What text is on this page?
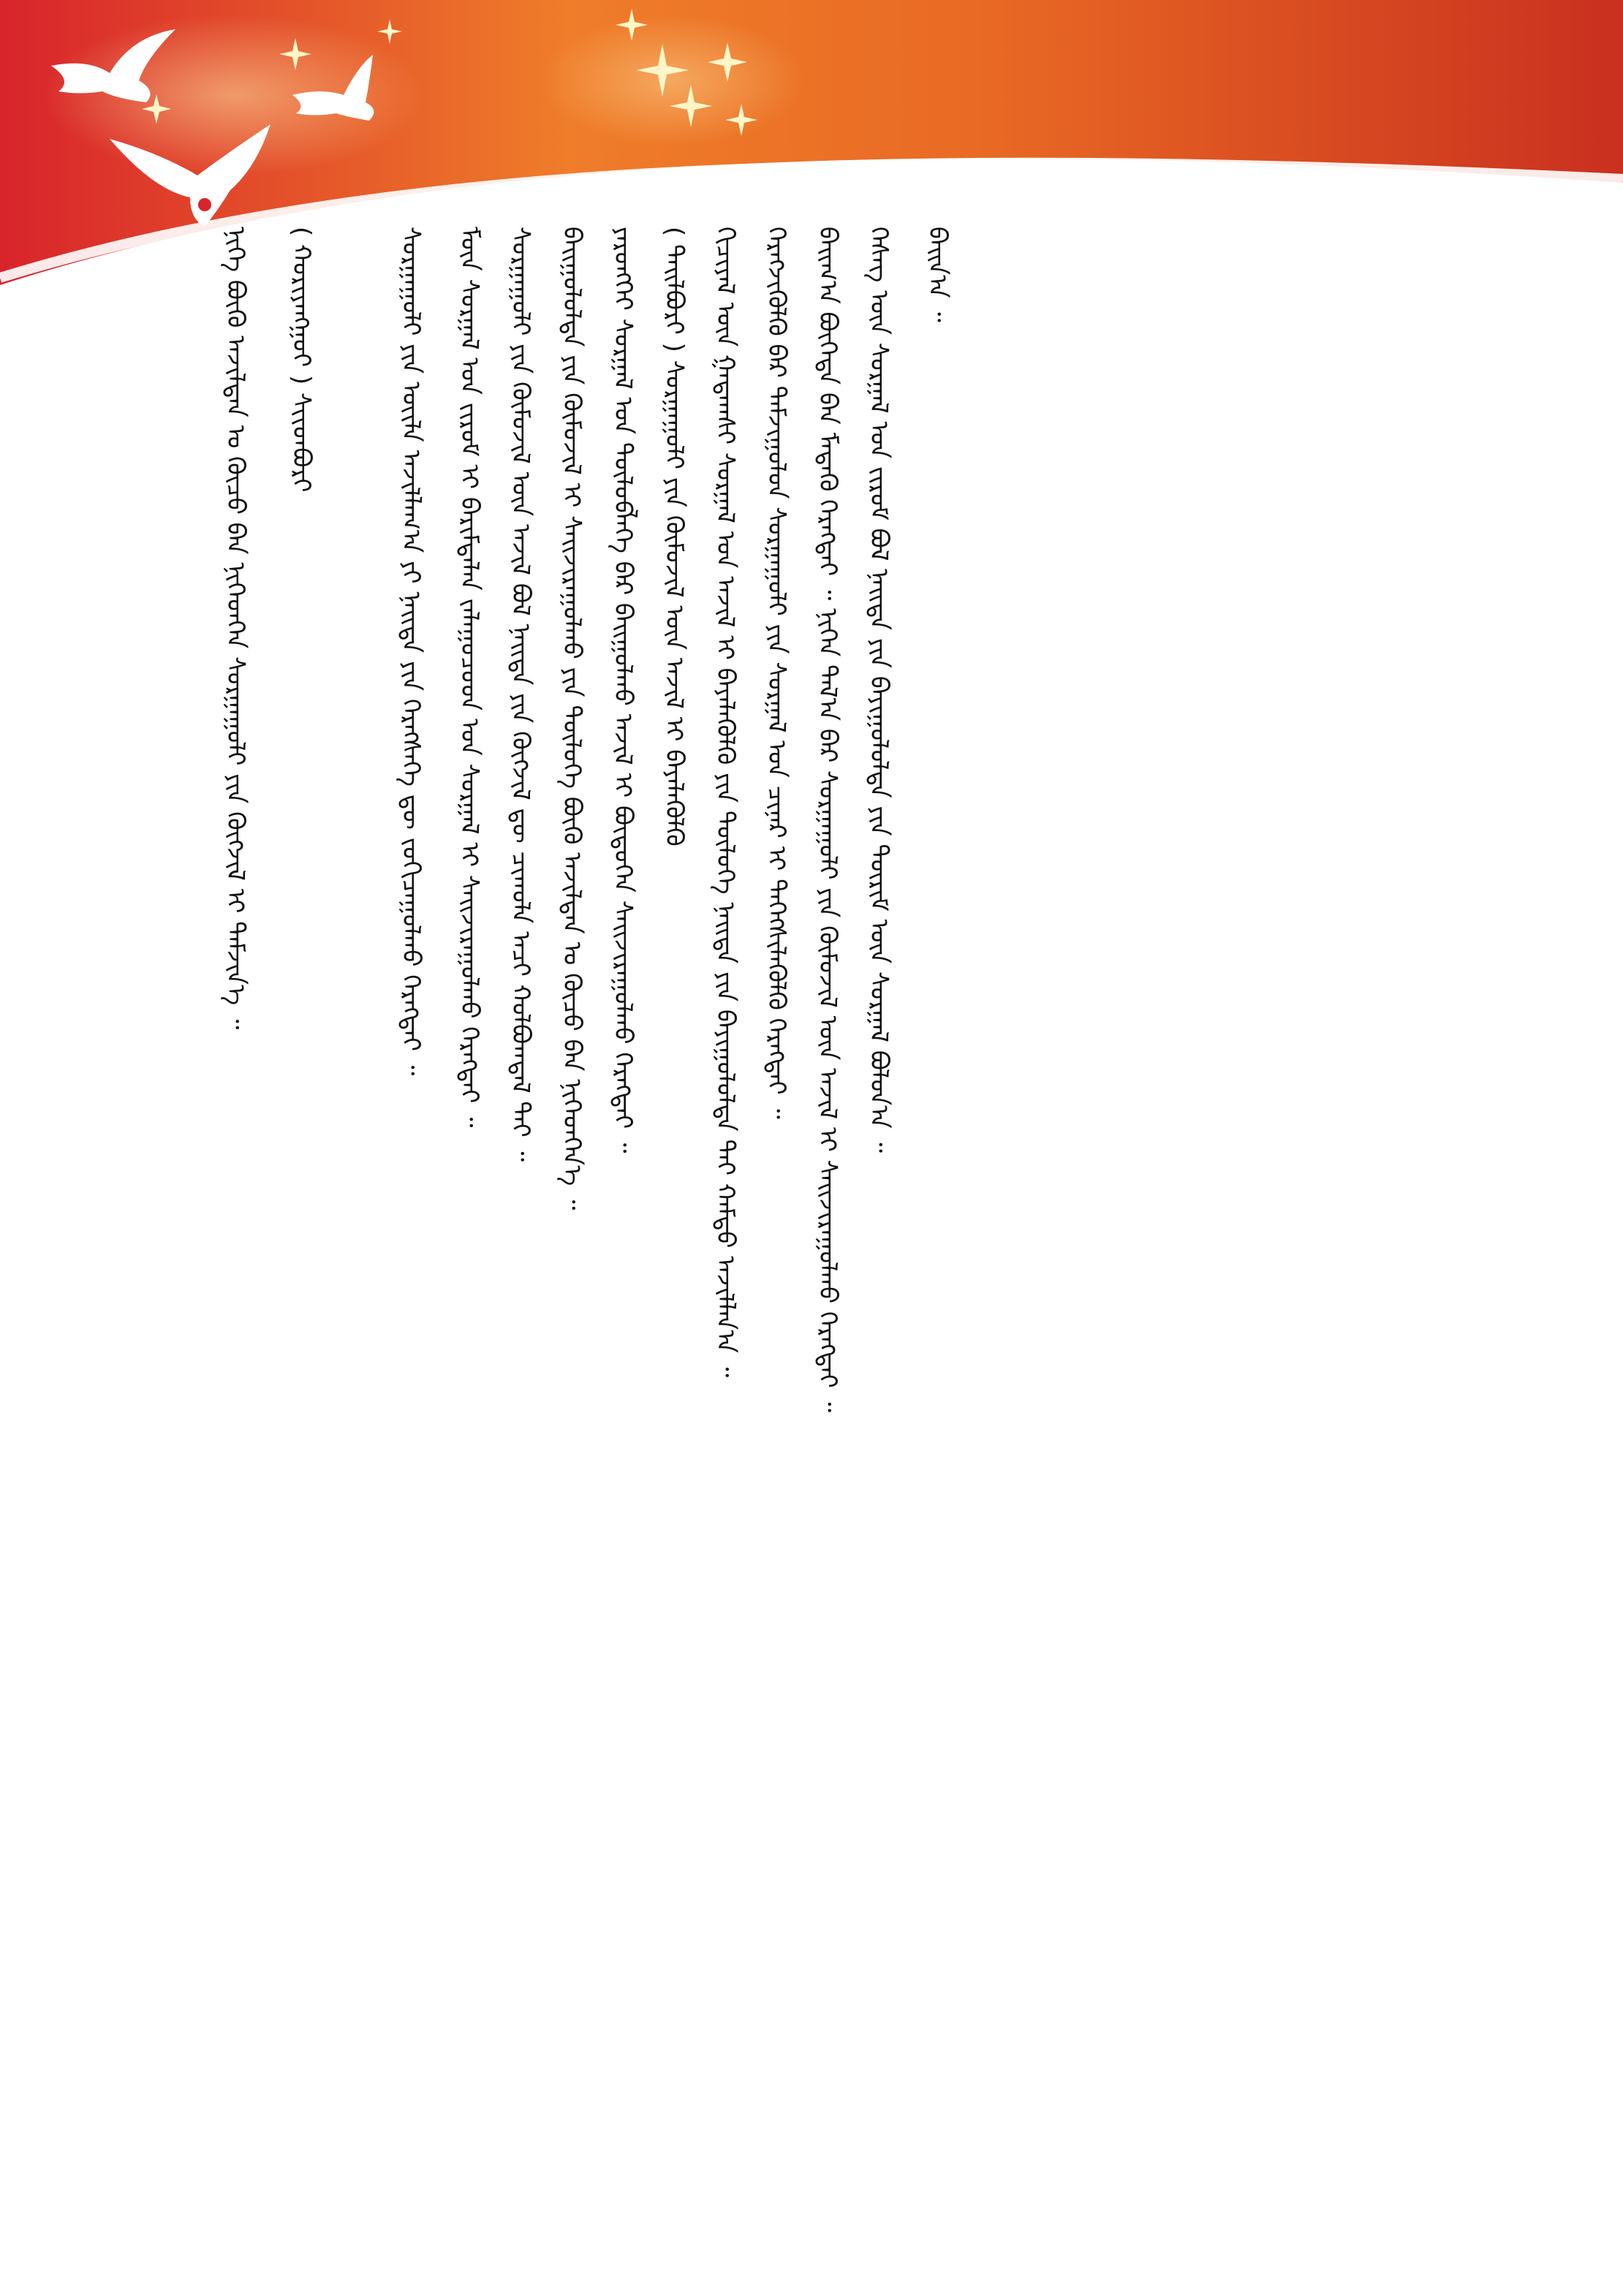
ᠪᠠᠢᠨ᠎ᠠ ᠃
ᠬᠡᠰᠡᠭ ᠦᠨ ᠰᠤᠷᠭᠠᠯ ᠤᠨ ᠵᠢᠷᠤᠮ ᠪᠤᠯ ᠨᠡᠢᠲᠡ ᠶᠢᠨ ᠪᠠᠶᠢᠭᠤᠯᠤᠯᠲᠠ ᠶᠢᠨ ᠳᠦᠷᠢᠮ ᠦᠨ ᠰᠤᠷᠭᠠᠯ ᠪᠣᠯᠤᠨ᠎ᠠ ᠃
ᠪᠠᠢᠭ᠎ᠠ ᠪᠦᠭᠡᠳᠡ ᠪᠡᠨ ᠮᠡᠳᠡᠬᠦ ᠬᠡᠷᠡᠭᠲᠡᠢ ᠃ ᠨᠢᠭᠡᠨ ᠲᠠᠯ᠎ᠠ ᠪᠠᠷ ᠰᠤᠷᠭᠠᠭᠤᠯᠢ ᠶᠢᠨ ᠬᠦᠮᠦᠵᠢᠯ ᠦᠨ ᠠᠵᠢᠯ ᠢ ᠰᠠᠢᠵᠢᠷᠠᠭᠤᠯᠬᠤ ᠬᠡᠷᠡᠭᠲᠡᠢ ᠃
ᠬᠡᠷᠡᠭᠵᠢᠭᠦᠯᠬᠦ ᠪᠠᠷ ᠳᠠᠮᠵᠢᠭᠤᠯᠤᠨ ᠰᠤᠷᠭᠠᠭᠤᠯᠢ ᠶᠢᠨ ᠰᠤᠷᠭᠠᠯ ᠤᠨ ᠴᠢᠨᠠᠷ ᠢ ᠳᠡᠭᠡᠭᠰᠢᠯᠡᠭᠦᠯᠬᠦ ᠬᠡᠷᠡᠭᠲᠡᠢ ᠃
ᠬᠢᠴᠢᠶᠡᠯ ᠦᠨ ᠭᠠᠳᠠᠭᠰᠢ ᠰᠤᠷᠭᠠᠯ ᠤᠨ ᠠᠵᠢᠯ ᠢ ᠪᠡᠶᠡᠯᠡᠭᠦᠯᠬᠦ ᠶᠢᠨ ᠲᠥᠯᠦᠭᠡ ᠨᠡᠢᠲᠡ ᠶᠢᠨ ᠪᠠᠶᠢᠭᠤᠯᠤᠯᠲᠠ ᠲᠠᠢ ᠬᠠᠮᠲᠤ ᠠᠵᠢᠯᠯᠠᠨ᠎ᠠ ᠃
( ᠲᠠᠢᠯᠪᠤᠷᠢ ) ᠰᠤᠷᠭᠠᠭᠤᠯᠢ ᠶᠢᠨ ᠬᠦᠮᠦᠵᠢᠯ ᠦᠨ ᠠᠵᠢᠯ ᠢ ᠪᠡᠶᠡᠯᠡᠭᠦᠯᠬᠦ
ᠶᠡᠷᠦᠩᠬᠡᠢ ᠰᠤᠷᠭᠠᠯ ᠤᠨ ᠲᠥᠯᠦᠪᠯᠡᠭᠡ ᠪᠡᠷ ᠪᠠᠢᠭᠤᠯᠬᠤ ᠠᠵᠢᠯ ᠢ ᠪᠦᠲᠦᠭᠡᠨ ᠰᠠᠢᠵᠢᠷᠠᠭᠤᠯᠬᠤ ᠬᠡᠷᠡᠭᠲᠡᠢ ᠃
ᠪᠠᠢᠭᠤᠯᠤᠯᠲᠠ ᠶᠢᠨ ᠬᠦᠮᠦᠵᠢᠯ ᠢ ᠰᠠᠢᠵᠢᠷᠠᠭᠤᠯᠬᠤ ᠶᠢᠨ ᠲᠥᠯᠦᠭᠡ ᠪᠦᠬᠦ ᠠᠵᠢᠯᠲᠠᠨ ᠤ ᠬᠦᠴᠦ ᠪᠡᠨ ᠨᠢᠭᠡᠳᠬᠡᠨ᠎ᠡ ᠃
ᠰᠤᠷᠭᠠᠭᠤᠯᠢ ᠶᠢᠨ ᠬᠦᠮᠦᠵᠢᠯ ᠦᠨ ᠠᠵᠢᠯ ᠪᠣᠯ ᠨᠡᠢᠲᠡ ᠶᠢᠨ ᠬᠥᠭᠵᠢᠯ ᠳᠦ ᠴᠢᠬᠤᠯᠠ ᠠᠴᠢ ᠬᠤᠯᠪᠤᠭᠳᠠᠯ ᠲᠠᠢ ᠃
ᠮᠥᠨ ᠰᠤᠷᠭᠠᠯ ᠤᠨ ᠵᠢᠷᠤᠮ ᠢ ᠪᠠᠷᠢᠮᠲᠠᠯᠠᠨ ᠵᠠᠯᠠᠭᠤᠴᠤᠳ ᠤᠨ ᠰᠤᠷᠭᠠᠯ ᠢ ᠰᠠᠢᠵᠢᠷᠠᠭᠤᠯᠬᠤ ᠬᠡᠷᠡᠭᠲᠡᠢ ᠃
ᠰᠤᠷᠭᠠᠭᠤᠯᠢ ᠶᠢᠨ ᠦᠢᠯᠡ ᠠᠵᠢᠯᠯᠠᠭ᠎ᠠ ᠶᠢ ᠨᠡᠢᠲᠡ ᠶᠢᠨ ᠬᠡᠷᠡᠭᠰᠡᠭᠡ ᠳᠦ ᠵᠣᠬᠢᠴᠠᠭᠤᠯᠬᠤ ᠬᠡᠷᠡᠭᠲᠡᠢ ᠃
( ᠬᠤᠷᠢᠶᠠᠩᠭᠤᠢ ) ᠰᠢᠢᠳᠪᠦᠷᠢ
ᠨᠢᠭᠡ ᠪᠦᠬᠦ ᠠᠵᠢᠯᠲᠠᠨ ᠤ ᠬᠦᠴᠦ ᠪᠡᠨ ᠨᠢᠭᠡᠳᠬᠡᠨ ᠰᠤᠷᠭᠠᠭᠤᠯᠢ ᠶᠢᠨ ᠬᠥᠭᠵᠢᠯ ᠢ ᠳᠡᠮᠵᠢᠨ᠎ᠡ ᠃
